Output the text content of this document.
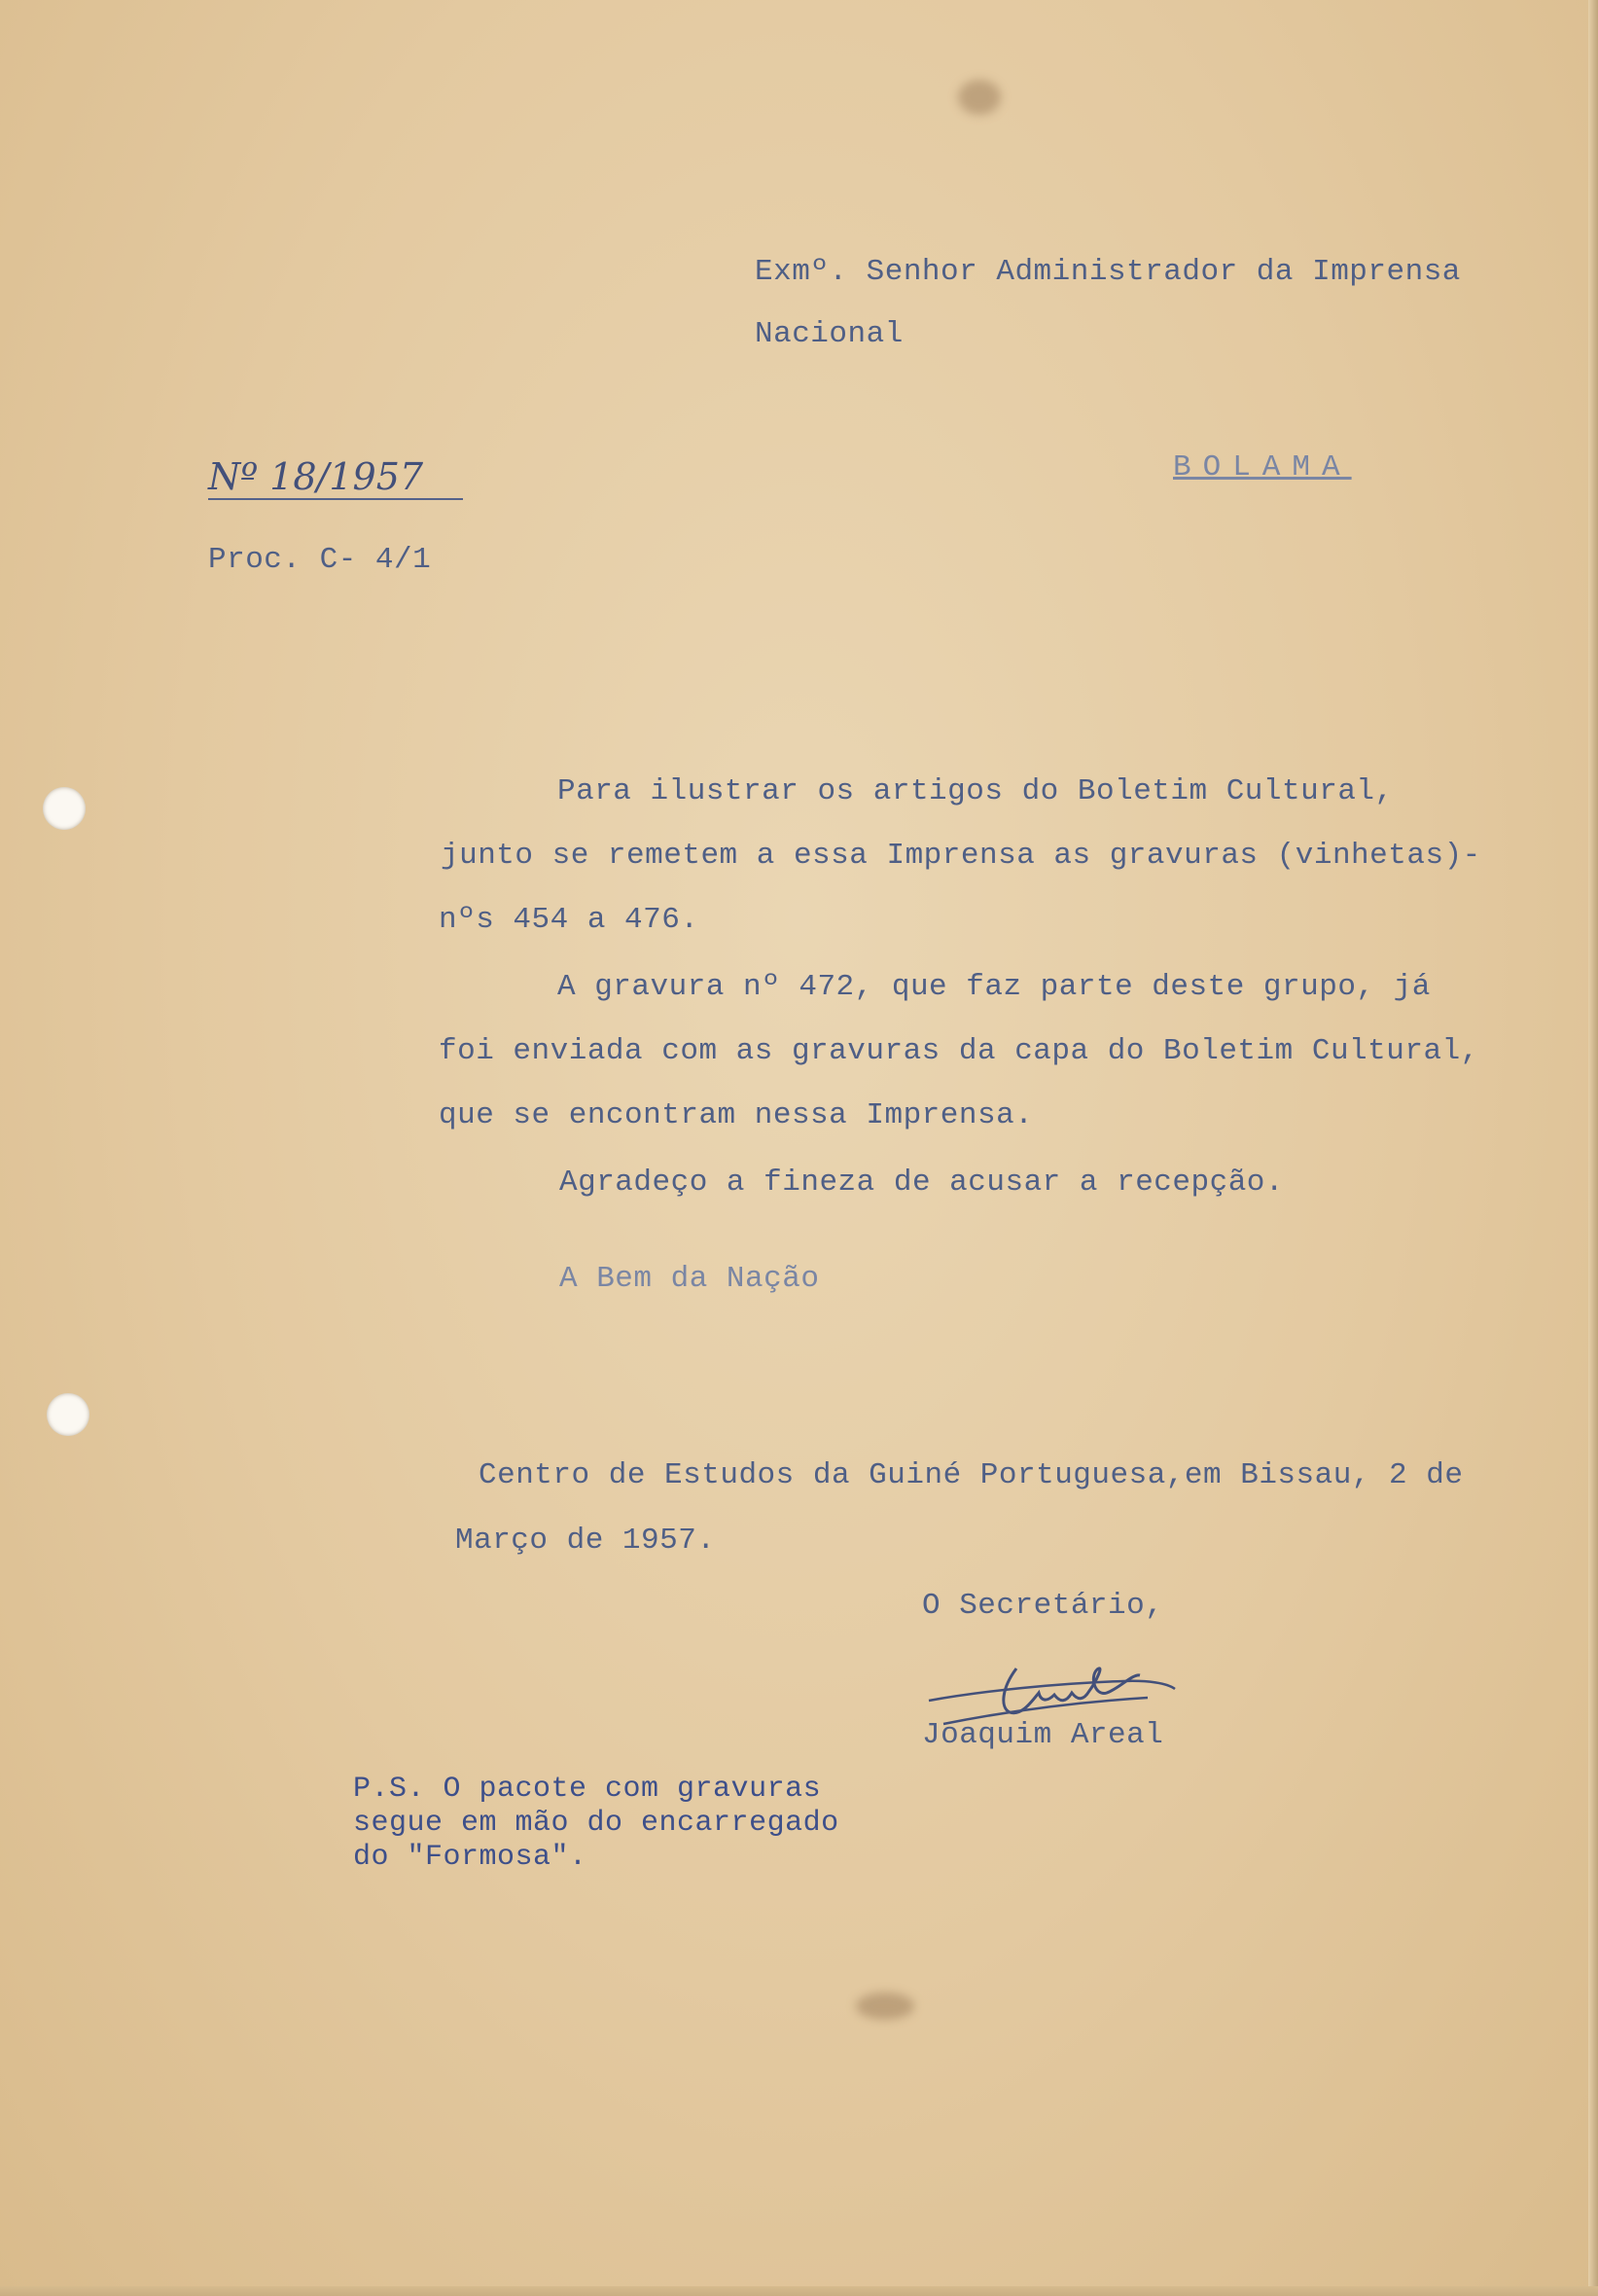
Exmº. Senhor Administrador da Imprensa
Nacional
BOLAMA
Nº 18/1957
Proc. C- 4/1
Para ilustrar os artigos do Boletim Cultural,
junto se remetem a essa Imprensa as gravuras (vinhetas)-
nºs 454 a 476.
A gravura nº 472, que faz parte deste grupo, já
foi enviada com as gravuras da capa do Boletim Cultural,
que se encontram nessa Imprensa.
Agradeço a fineza de acusar a recepção.
A Bem da Nação
Centro de Estudos da Guiné Portuguesa,em Bissau, 2 de
Março de 1957.
O Secretário,
Joaquim Areal
P.S. O pacote com gravuras
segue em mão do encarregado
do "Formosa".
